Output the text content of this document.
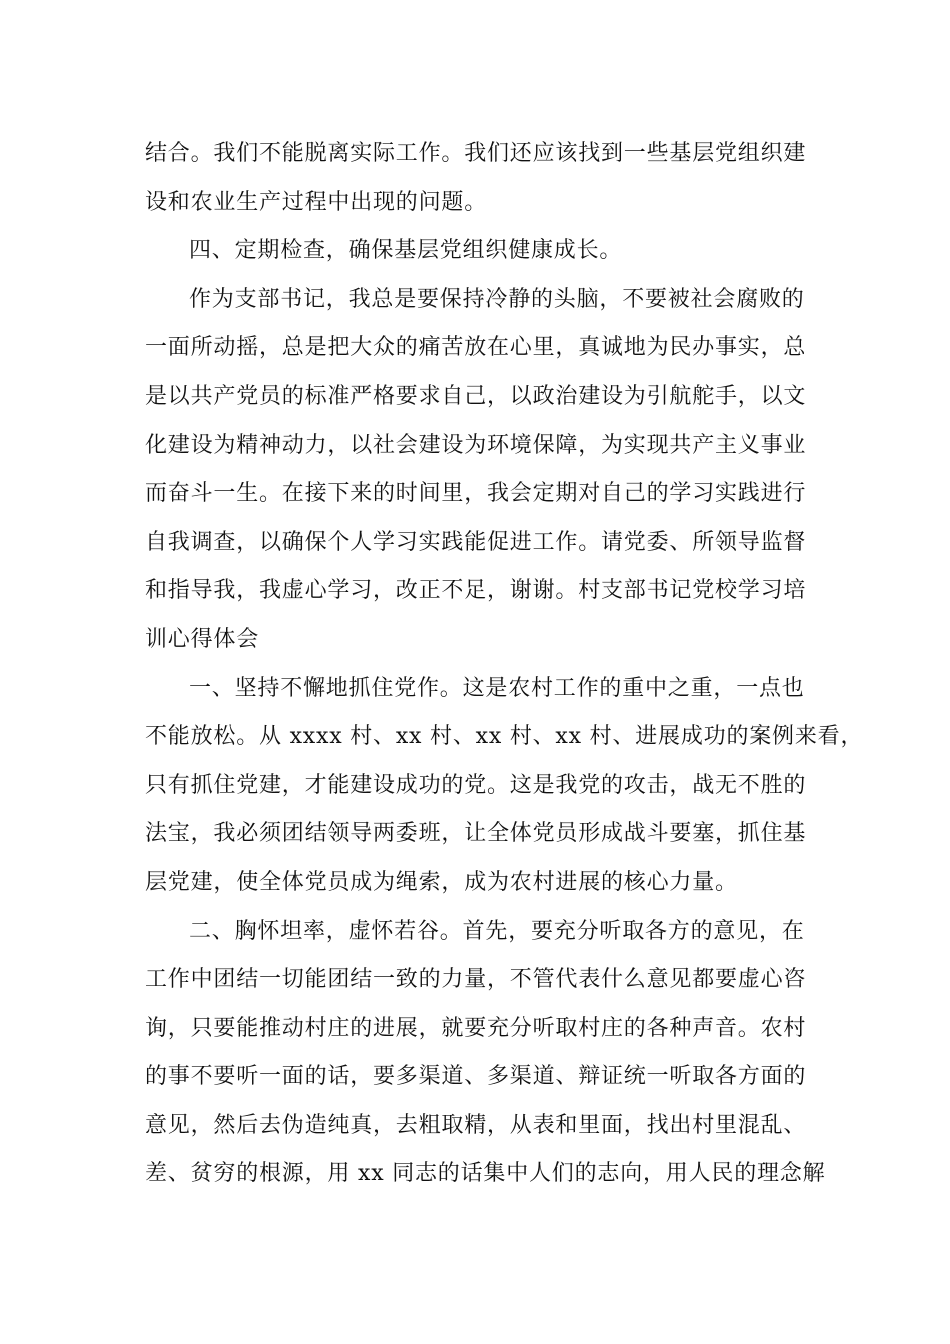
结合。我们不能脱离实际工作。我们还应该找到一些基层党组织建
设和农业生产过程中出现的问题。
四、定期检查，确保基层党组织健康成长。
作为支部书记，我总是要保持冷静的头脑，不要被社会腐败的
一面所动摇，总是把大众的痛苦放在心里，真诚地为民办事实，总
是以共产党员的标准严格要求自己，以政治建设为引航舵手，以文
化建设为精神动力，以社会建设为环境保障，为实现共产主义事业
而奋斗一生。在接下来的时间里，我会定期对自己的学习实践进行
自我调查，以确保个人学习实践能促进工作。请党委、所领导监督
和指导我，我虚心学习，改正不足，谢谢。村支部书记党校学习培
训心得体会
一、坚持不懈地抓住党作。这是农村工作的重中之重，一点也
不能放松。从 xxxx 村、xx 村、xx 村、xx 村、进展成功的案例来看，
只有抓住党建，才能建设成功的党。这是我党的攻击，战无不胜的
法宝，我必须团结领导两委班，让全体党员形成战斗要塞，抓住基
层党建，使全体党员成为绳索，成为农村进展的核心力量。
二、胸怀坦率，虚怀若谷。首先，要充分听取各方的意见，在
工作中团结一切能团结一致的力量，不管代表什么意见都要虚心咨
询，只要能推动村庄的进展，就要充分听取村庄的各种声音。农村
的事不要听一面的话，要多渠道、多渠道、辩证统一听取各方面的
意见，然后去伪造纯真，去粗取精，从表和里面，找出村里混乱、
差、贫穷的根源，用 xx 同志的话集中人们的志向，用人民的理念解
